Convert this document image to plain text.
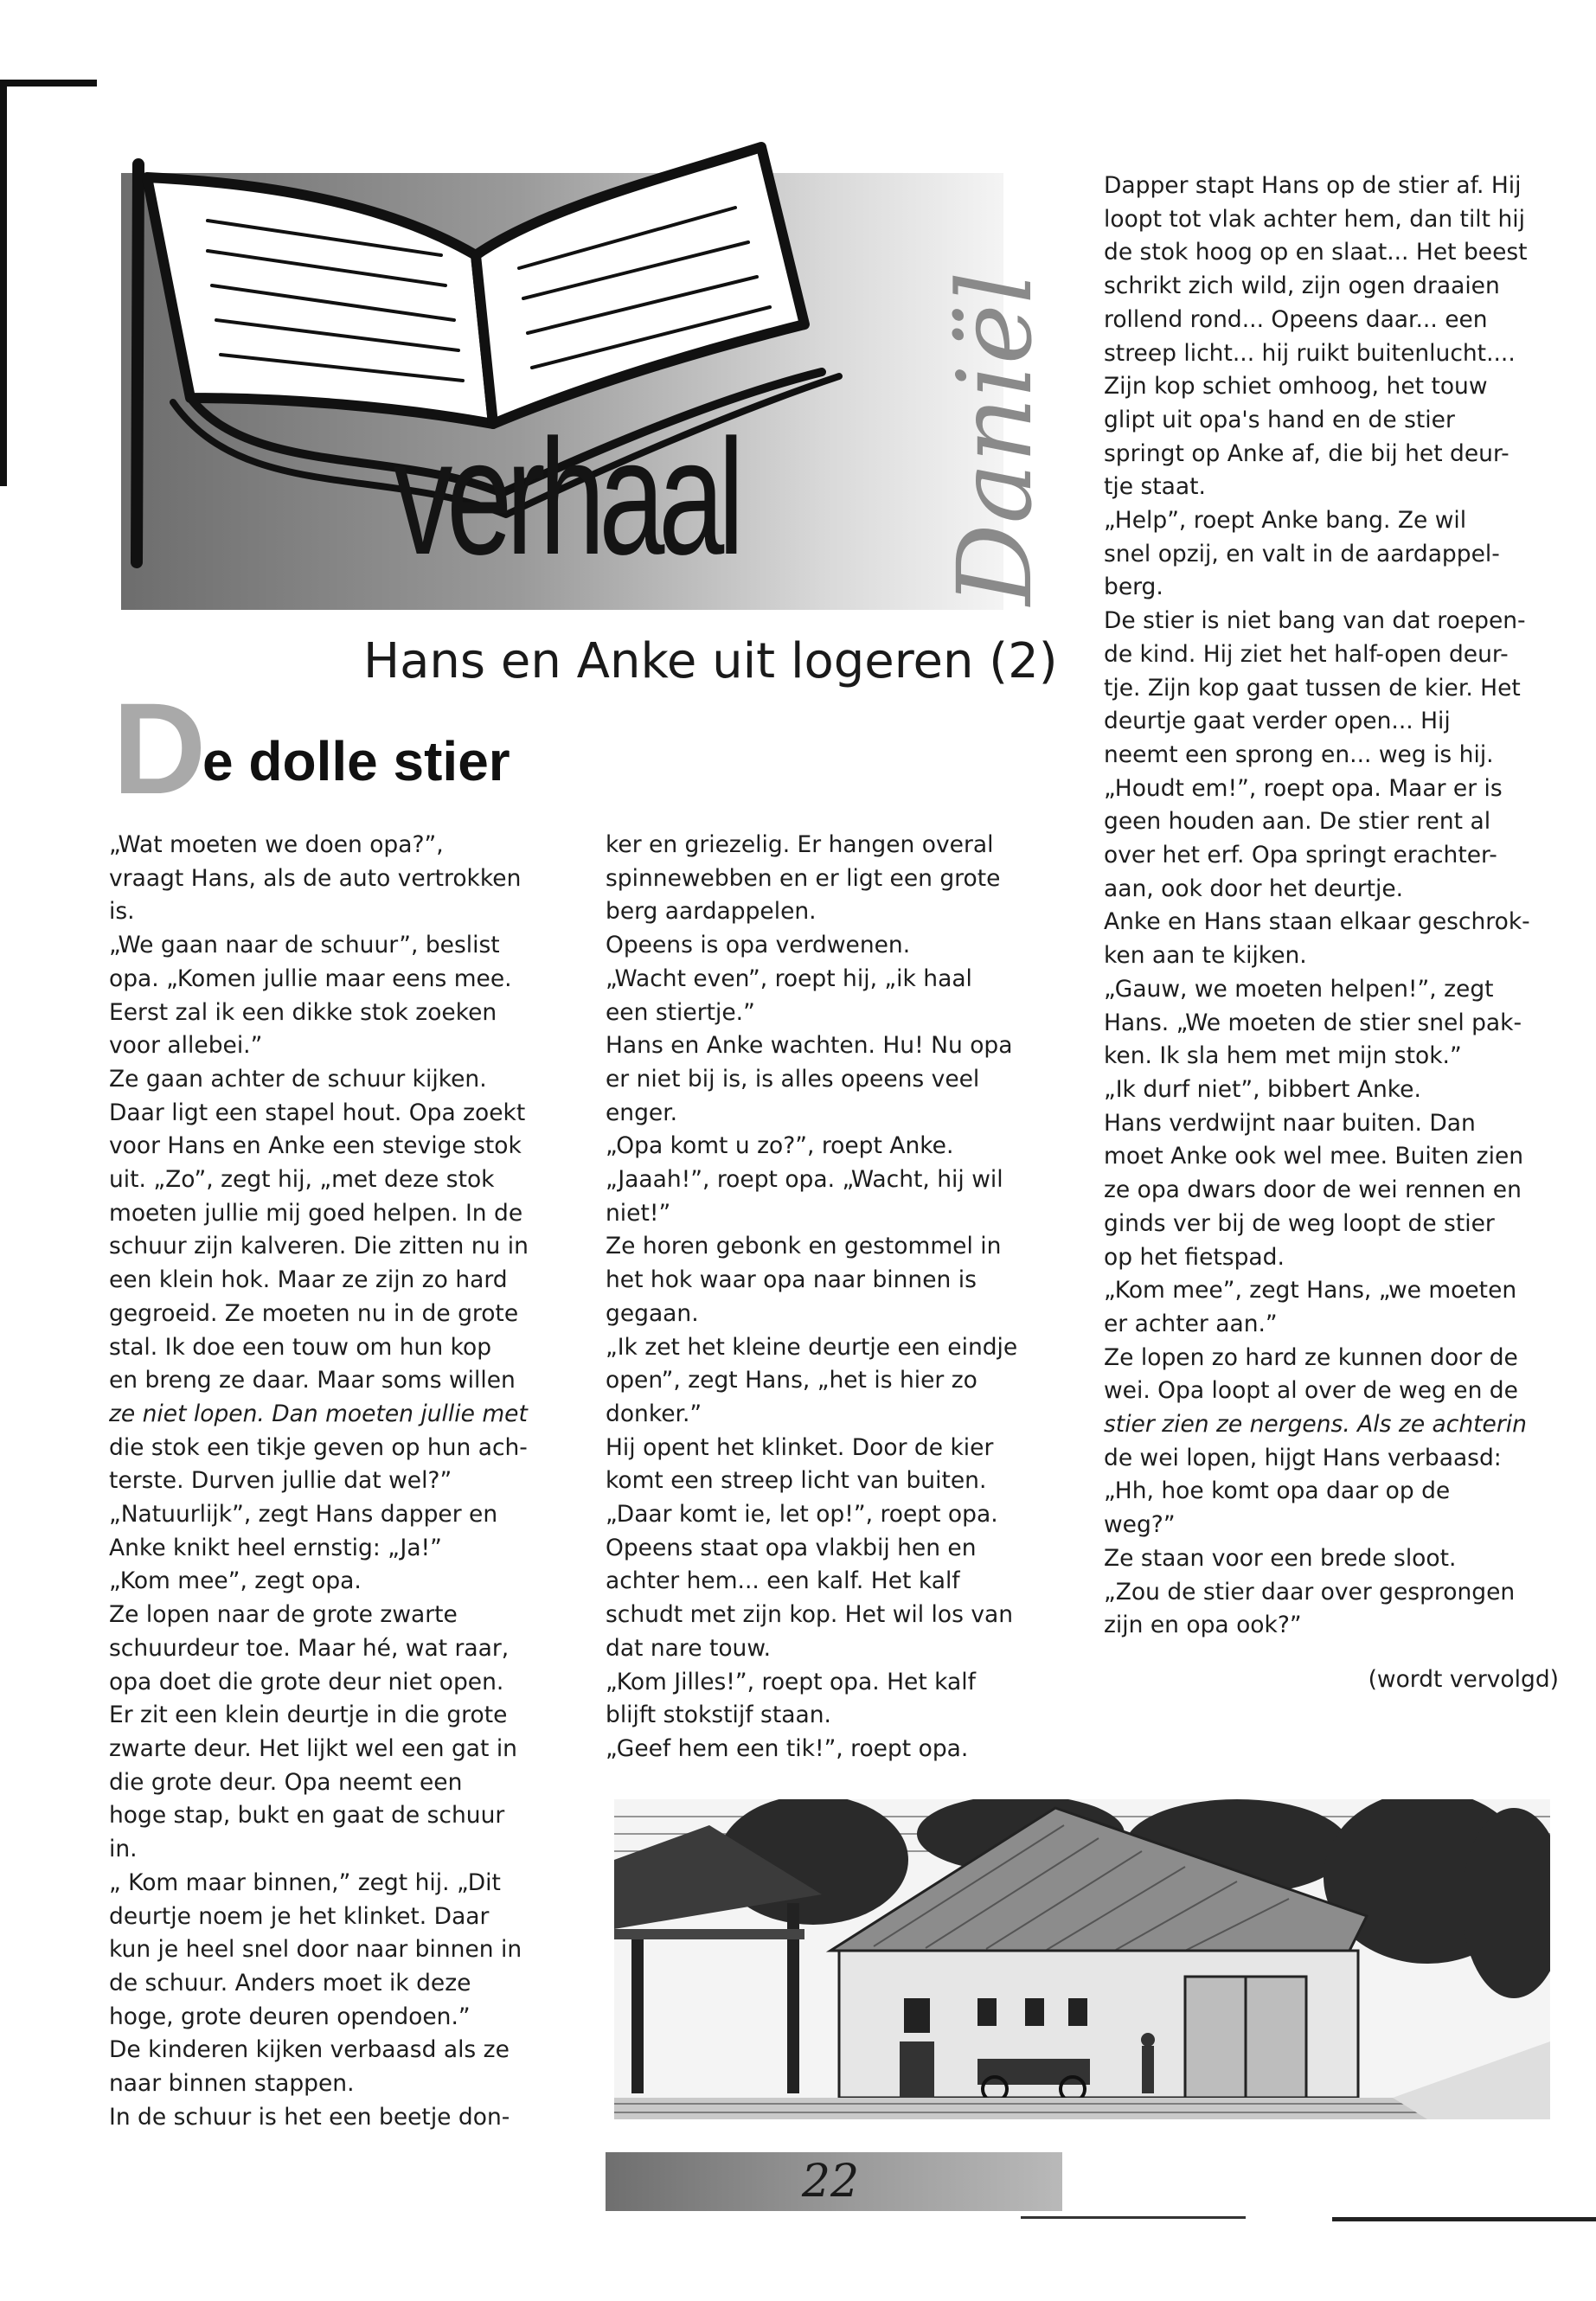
verhaal Daniël
Hans en Anke uit logeren (2)
D
e dolle stier

„Wat moeten we doen opa?”,

vraagt Hans, als de auto vertrokken

is.

„We gaan naar de schuur”, beslist

opa. „Komen jullie maar eens mee.

Eerst zal ik een dikke stok zoeken

voor allebei.”

Ze gaan achter de schuur kijken.

Daar ligt een stapel hout. Opa zoekt

voor Hans en Anke een stevige stok

uit. „Zo”, zegt hij, „met deze stok

moeten jullie mij goed helpen. In de

schuur zijn kalveren. Die zitten nu in

een klein hok. Maar ze zijn zo hard

gegroeid. Ze moeten nu in de grote

stal. Ik doe een touw om hun kop

en breng ze daar. Maar soms willen

ze niet lopen. Dan moeten jullie met

die stok een tikje geven op hun ach-

terste. Durven jullie dat wel?”

„Natuurlijk”, zegt Hans dapper en

Anke knikt heel ernstig: „Ja!”

„Kom mee”, zegt opa.

Ze lopen naar de grote zwarte

schuurdeur toe. Maar hé, wat raar,

opa doet die grote deur niet open.

Er zit een klein deurtje in die grote

zwarte deur. Het lijkt wel een gat in

die grote deur. Opa neemt een

hoge stap, bukt en gaat de schuur

in.

„ Kom maar binnen,” zegt hij. „Dit

deurtje noem je het klinket. Daar

kun je heel snel door naar binnen in

de schuur. Anders moet ik deze

hoge, grote deuren opendoen.”

De kinderen kijken verbaasd als ze

naar binnen stappen.

In de schuur is het een beetje don-

ker en griezelig. Er hangen overal

spinnewebben en er ligt een grote

berg aardappelen.

Opeens is opa verdwenen.

„Wacht even”, roept hij, „ik haal

een stiertje.”

Hans en Anke wachten. Hu! Nu opa

er niet bij is, is alles opeens veel

enger.

„Opa komt u zo?”, roept Anke.

„Jaaah!”, roept opa. „Wacht, hij wil

niet!”

Ze horen gebonk en gestommel in

het hok waar opa naar binnen is

gegaan.

„Ik zet het kleine deurtje een eindje

open”, zegt Hans, „het is hier zo

donker.”

Hij opent het klinket. Door de kier

komt een streep licht van buiten.

„Daar komt ie, let op!”, roept opa.

Opeens staat opa vlakbij hen en

achter hem... een kalf. Het kalf

schudt met zijn kop. Het wil los van

dat nare touw.

„Kom Jilles!”, roept opa. Het kalf

blijft stokstijf staan.

„Geef hem een tik!”, roept opa.

Dapper stapt Hans op de stier af. Hij

loopt tot vlak achter hem, dan tilt hij

de stok hoog op en slaat... Het beest

schrikt zich wild, zijn ogen draaien

rollend rond... Opeens daar... een

streep licht... hij ruikt buitenlucht....

Zijn kop schiet omhoog, het touw

glipt uit opa's hand en de stier

springt op Anke af, die bij het deur-

tje staat.

„Help”, roept Anke bang. Ze wil

snel opzij, en valt in de aardappel-

berg.

De stier is niet bang van dat roepen-

de kind. Hij ziet het half-open deur-

tje. Zijn kop gaat tussen de kier. Het

deurtje gaat verder open... Hij

neemt een sprong en... weg is hij.

„Houdt em!”, roept opa. Maar er is

geen houden aan. De stier rent al

over het erf. Opa springt erachter-

aan, ook door het deurtje.

Anke en Hans staan elkaar geschrok-

ken aan te kijken.

„Gauw, we moeten helpen!”, zegt

Hans. „We moeten de stier snel pak-

ken. Ik sla hem met mijn stok.”

„Ik durf niet”, bibbert Anke.

Hans verdwijnt naar buiten. Dan

moet Anke ook wel mee. Buiten zien

ze opa dwars door de wei rennen en

ginds ver bij de weg loopt de stier

op het fietspad.

„Kom mee”, zegt Hans, „we moeten

er achter aan.”

Ze lopen zo hard ze kunnen door de

wei. Opa loopt al over de weg en de

stier zien ze nergens. Als ze achterin

de wei lopen, hijgt Hans verbaasd:

„Hh, hoe komt opa daar op de

weg?”

Ze staan voor een brede sloot.

„Zou de stier daar over gesprongen

zijn en opa ook?”

(wordt vervolgd)
22
